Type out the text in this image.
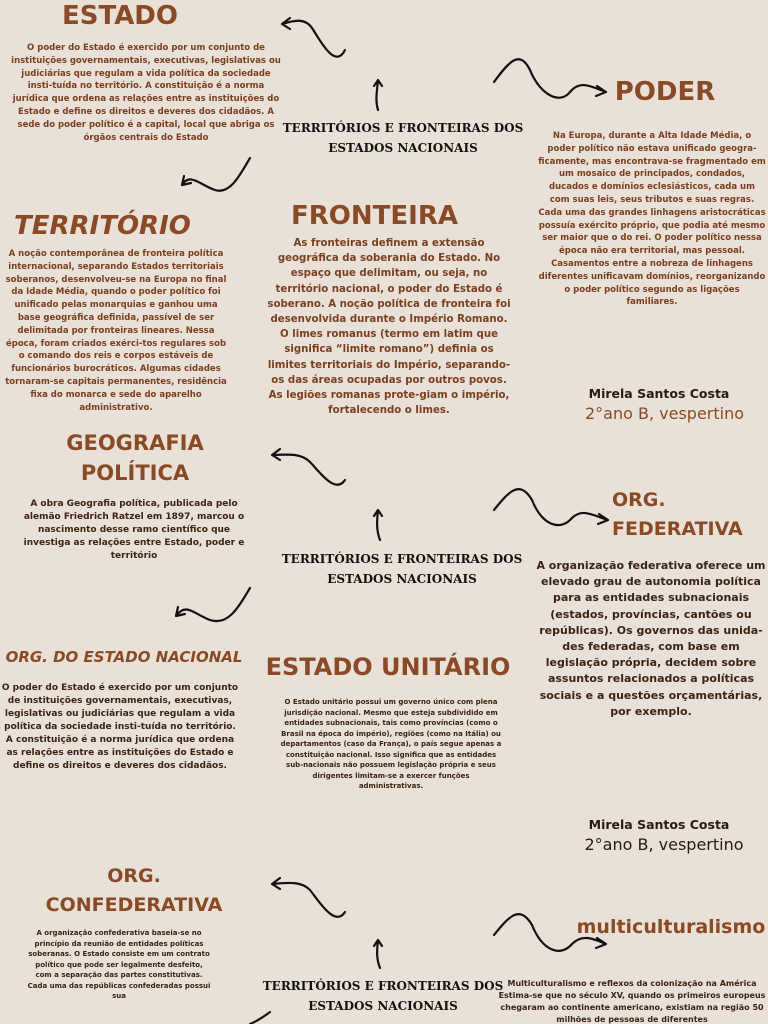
ESTADO
O poder do Estado é exercido por um conjunto de instituições governamentais, executivas, legislativas ou judiciárias que regulam a vida política da sociedade insti-tuída no território. A constituição é a norma jurídica que ordena as relações entre as instituições do Estado e define os direitos e deveres dos cidadãos. A sede do poder político é a capital, local que abriga os órgãos centrais do Estado
PODER
Na Europa, durante a Alta Idade Média, o poder político não estava unificado geogra-ficamente, mas encontrava-se fragmentado em um mosaico de principados, condados, ducados e domínios eclesiásticos, cada um com suas leis, seus tributos e suas regras. Cada uma das grandes linhagens aristocráticas possuía exército próprio, que podia até mesmo ser maior que o do rei. O poder político nessa época não era territorial, mas pessoal. Casamentos entre a nobreza de linhagens diferentes unificavam domínios, reorganizando o poder político segundo as ligações familiares.
TERRITÓRIOS E FRONTEIRAS DOS
ESTADOS NACIONAIS
TERRITÓRIO
A noção contemporânea de fronteira política internacional, separando Estados territoriais soberanos, desenvolveu-se na Europa no final da Idade Média, quando o poder político foi unificado pelas monarquias e ganhou uma base geográfica definida, passível de ser delimitada por fronteiras lineares. Nessa época, foram criados exérci-tos regulares sob o comando dos reis e corpos estáveis de funcionários burocráticos. Algumas cidades tornaram-se capitais permanentes, residência fixa do monarca e sede do aparelho administrativo.
FRONTEIRA
As fronteiras definem a extensão geográfica da soberania do Estado. No espaço que delimitam, ou seja, no território nacional, o poder do Estado é soberano. A noção política de fronteira foi desenvolvida durante o Império Romano. O limes romanus (termo em latim que significa “limite romano”) definia os limites territoriais do Império, separando-os das áreas ocupadas por outros povos. As legiões romanas prote-giam o império, fortalecendo o limes.
Mirela Santos Costa
2°ano B, vespertino
GEOGRAFIA
POLÍTICA
A obra Geografia política, publicada pelo alemão Friedrich Ratzel em 1897, marcou o nascimento desse ramo científico que investiga as relações entre Estado, poder e território
ORG.
FEDERATIVA
A organização federativa oferece um elevado grau de autonomia política para as entidades subnacionais (estados, províncias, cantões ou repúblicas). Os governos das unida-des federadas, com base em legislação própria, decidem sobre assuntos relacionados a políticas sociais e a questões orçamentárias, por exemplo.
TERRITÓRIOS E FRONTEIRAS DOS
ESTADOS NACIONAIS
ORG. DO ESTADO NACIONAL
O poder do Estado é exercido por um conjunto de instituições governamentais, executivas, legislativas ou judiciárias que regulam a vida política da sociedade insti-tuída no território. A constituição é a norma jurídica que ordena as relações entre as instituições do Estado e define os direitos e deveres dos cidadãos.
ESTADO UNITÁRIO
O Estado unitário possui um governo único com plena jurisdição nacional. Mesmo que esteja subdividido em entidades subnacionais, tais como províncias (como o Brasil na época do império), regiões (como na Itália) ou departamentos (caso da França), o país segue apenas a constituição nacional. Isso significa que as entidades sub-nacionais não possuem legislação própria e seus dirigentes limitam-se a exercer funções administrativas.
Mirela Santos Costa
2°ano B, vespertino
ORG.
CONFEDERATIVA
A organização confederativa baseia-se no princípio da reunião de entidades políticas soberanas. O Estado consiste em um contrato político que pode ser legalmente desfeito, com a separação das partes constitutivas. Cada uma das repúblicas confederadas possui sua
TERRITÓRIOS E FRONTEIRAS DOS
ESTADOS NACIONAIS
multiculturalismo
Multiculturalismo e reflexos da colonização na América Estima-se que no século XV, quando os primeiros europeus chegaram ao continente americano, existiam na região 50 milhões de pessoas de diferentes
